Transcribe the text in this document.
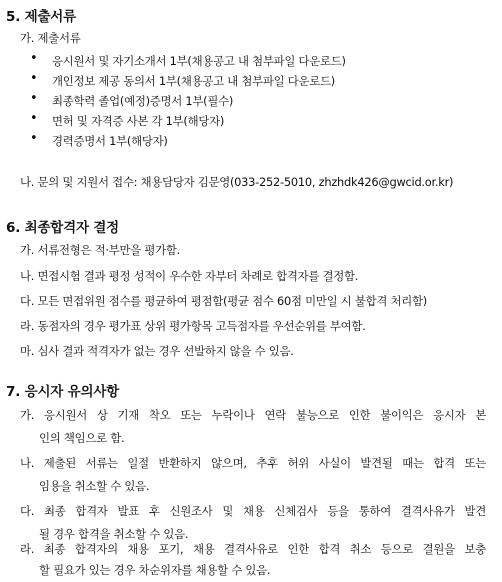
5. 제출서류
가. 제출서류
• 응시원서 및 자기소개서 1부(채용공고 내 첨부파일 다운로드)
• 개인정보 제공 동의서 1부(채용공고 내 첨부파일 다운로드)
• 최종학력 졸업(예정)증명서 1부(필수)
• 면허 및 자격증 사본 각 1부(해당자)
• 경력증명서 1부(해당자)
나. 문의 및 지원서 접수: 채용담당자 김문영(033-252-5010, zhzhdk426@gwcid.or.kr)
6. 최종합격자 결정
가. 서류전형은 적·부만을 평가함.
나. 면접시험 결과 평정 성적이 우수한 자부터 차례로 합격자를 결정함.
다. 모든 면접위원 점수를 평균하여 평점함(평균 점수 60점 미만일 시 불합격 처리함)
라. 동점자의 경우 평가표 상위 평가항목 고득점자를 우선순위를 부여함.
마. 심사 결과 적격자가 없는 경우 선발하지 않을 수 있음.
7. 응시자 유의사항
가. 응시원서 상 기재 착오 또는 누락이나 연락 불능으로 인한 불이익은 응시자 본
인의 책임으로 함.
나. 제출된 서류는 일절 반환하지 않으며, 추후 허위 사실이 발견될 때는 합격 또는
임용을 취소할 수 있음.
다. 최종 합격자 발표 후 신원조사 및 채용 신체검사 등을 통하여 결격사유가 발견
될 경우 합격을 취소할 수 있음.
라. 최종 합격자의 채용 포기, 채용 결격사유로 인한 합격 취소 등으로 결원을 보충
할 필요가 있는 경우 차순위자를 채용할 수 있음.
